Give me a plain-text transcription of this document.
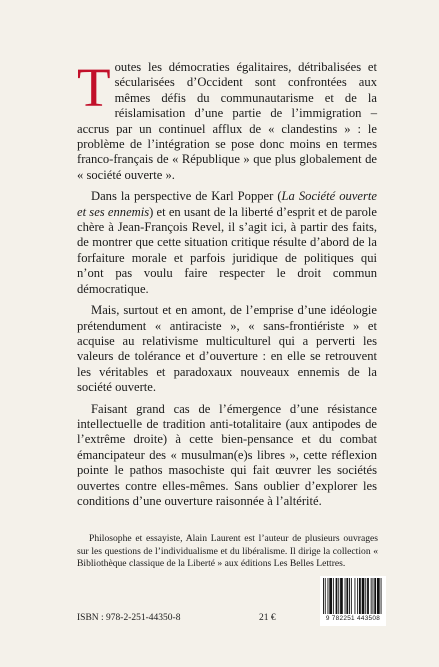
Toutes les démocraties égalitaires, détribalisées et sécularisées d’Occident sont confrontées aux mêmes défis du communautarisme et de la réislamisation d’une partie de l’immigration – accrus par un continuel afflux de « clandestins » : le problème de l’intégration se pose donc moins en termes franco-français de « République » que plus globalement de « société ouverte ».

Dans la perspective de Karl Popper (La Société ouverte et ses ennemis) et en usant de la liberté d’esprit et de parole chère à Jean-François Revel, il s’agit ici, à partir des faits, de montrer que cette situation critique résulte d’abord de la forfaiture morale et parfois juridique de politiques qui n’ont pas voulu faire respecter le droit commun démocratique.

Mais, surtout et en amont, de l’emprise d’une idéologie prétendument « antiraciste », « sans-frontiériste » et acquise au relativisme multiculturel qui a perverti les valeurs de tolérance et d’ouverture : en elle se retrouvent les véritables et paradoxaux nouveaux ennemis de la société ouverte.

Faisant grand cas de l’émergence d’une résistance intellectuelle de tradition anti-totalitaire (aux antipodes de l’extrême droite) à cette bien-pensance et du combat émancipateur des « musulman(e)s libres », cette réflexion pointe le pathos masochiste qui fait œuvrer les sociétés ouvertes contre elles-mêmes. Sans oublier d’explorer les conditions d’une ouverture raisonnée à l’altérité.

Philosophe et essayiste, Alain Laurent est l’auteur de plusieurs ouvrages sur les questions de l’individualisme et du libéralisme. Il dirige la collection « Bibliothèque classique de la Liberté » aux éditions Les Belles Lettres.

ISBN : 978-2-251-44350-8	21 €	9 782251 443508
